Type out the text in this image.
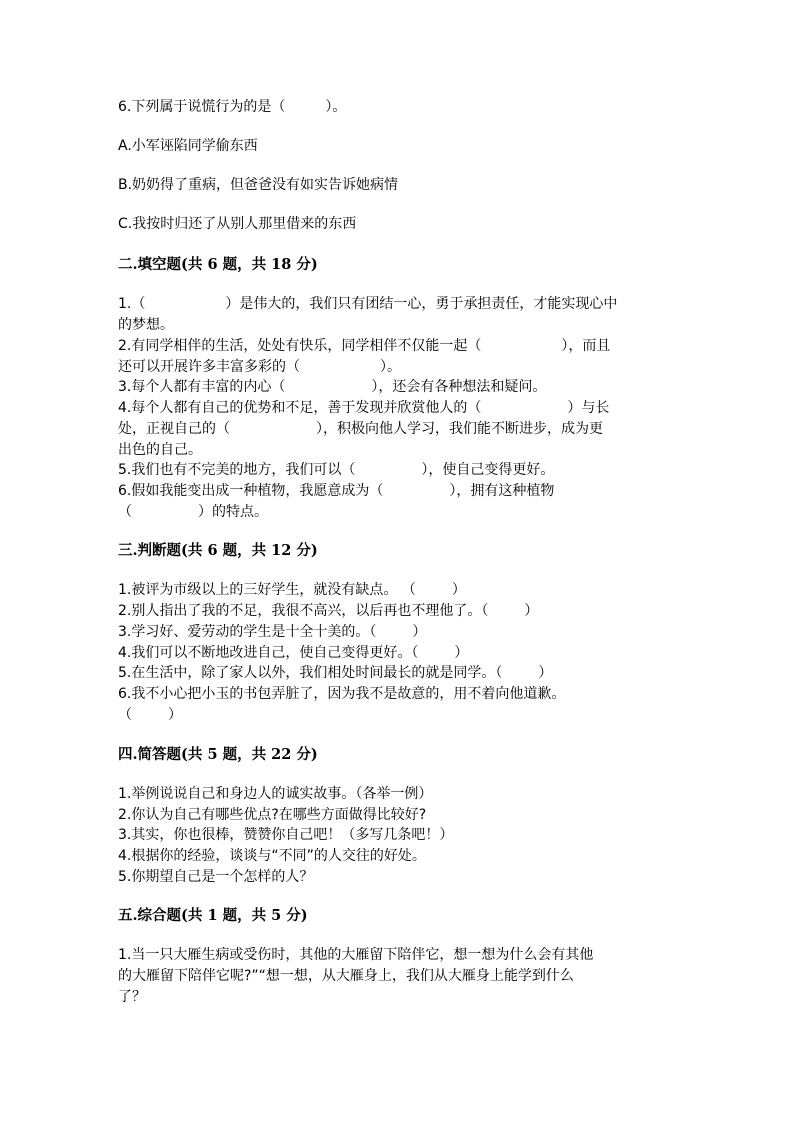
6.下列属于说慌行为的是（	）。
A.小军诬陷同学偷东西
B.奶奶得了重病，但爸爸没有如实告诉她病情
C.我按时归还了从别人那里借来的东西
二.填空题(共 6 题，共 18 分)
1.（	）是伟大的，我们只有团结一心，勇于承担责任，才能实现心中
的梦想。
2.有同学相伴的生活，处处有快乐，同学相伴不仅能一起（	），而且
还可以开展许多丰富多彩的（	）。
3.每个人都有丰富的内心（	），还会有各种想法和疑问。
4.每个人都有自己的优势和不足，善于发现并欣赏他人的（	）与长
处，正视自己的（	），积极向他人学习，我们能不断进步，成为更
出色的自己。
5.我们也有不完美的地方，我们可以（	），使自己变得更好。
6.假如我能变出成一种植物，我愿意成为（	），拥有这种植物
（	）的特点。
三.判断题(共 6 题，共 12 分)
1.被评为市级以上的三好学生，就没有缺点。 （	）
2.别人指出了我的不足，我很不高兴，以后再也不理他了。（	）
3.学习好、爱劳动的学生是十全十美的。（	）
4.我们可以不断地改进自己，使自己变得更好。（	）
5.在生活中，除了家人以外，我们相处时间最长的就是同学。（	）
6.我不小心把小玉的书包弄脏了，因为我不是故意的，用不着向他道歉。
（	）
四.简答题(共 5 题，共 22 分)
1.举例说说自己和身边人的诚实故事。（各举一例）
2.你认为自己有哪些优点?在哪些方面做得比较好?
3.其实，你也很棒，赞赞你自己吧！（多写几条吧！）
4.根据你的经验，谈谈与“不同”的人交往的好处。
5.你期望自己是一个怎样的人？
五.综合题(共 1 题，共 5 分)
1.当一只大雁生病或受伤时，其他的大雁留下陪伴它，想一想为什么会有其他
的大雁留下陪伴它呢?”“想一想，从大雁身上，我们从大雁身上能学到什么
了？
